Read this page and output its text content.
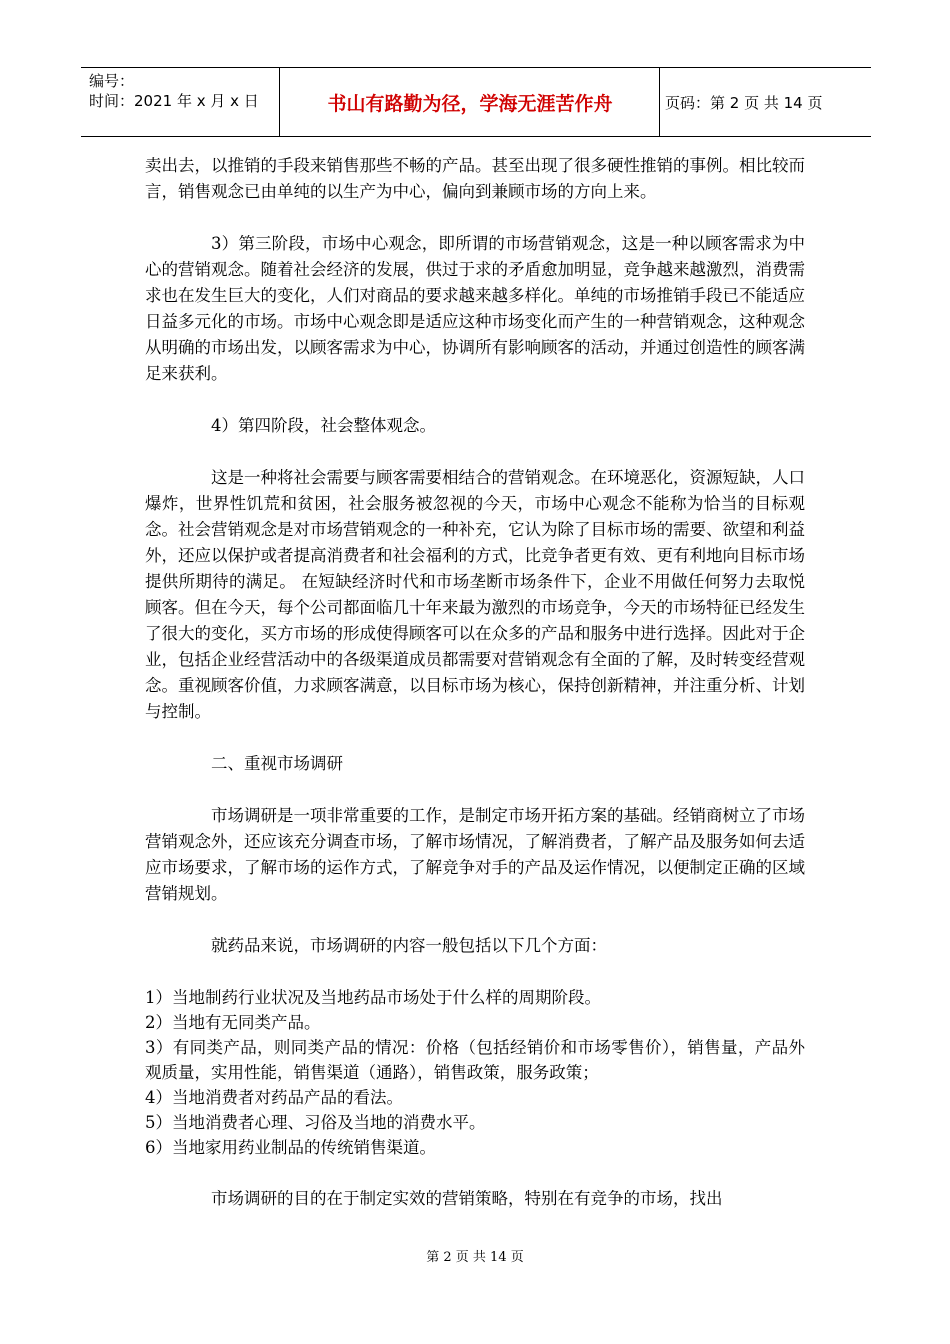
编号：
时间：2021 年 x 月 x 日	书山有路勤为径，学海无涯苦作舟	页码：第 2 页 共 14 页

卖出去，以推销的手段来销售那些不畅的产品。甚至出现了很多硬性推销的事例。相比较而言，销售观念已由单纯的以生产为中心，偏向到兼顾市场的方向上来。

3）第三阶段，市场中心观念，即所谓的市场营销观念，这是一种以顾客需求为中心的营销观念。随着社会经济的发展，供过于求的矛盾愈加明显，竞争越来越激烈，消费需求也在发生巨大的变化，人们对商品的要求越来越多样化。单纯的市场推销手段已不能适应日益多元化的市场。市场中心观念即是适应这种市场变化而产生的一种营销观念，这种观念从明确的市场出发，以顾客需求为中心，协调所有影响顾客的活动，并通过创造性的顾客满足来获利。

4）第四阶段，社会整体观念。

这是一种将社会需要与顾客需要相结合的营销观念。在环境恶化，资源短缺，人口爆炸，世界性饥荒和贫困，社会服务被忽视的今天，市场中心观念不能称为恰当的目标观念。社会营销观念是对市场营销观念的一种补充，它认为除了目标市场的需要、欲望和利益外，还应以保护或者提高消费者和社会福利的方式，比竞争者更有效、更有利地向目标市场提供所期待的满足。 在短缺经济时代和市场垄断市场条件下，企业不用做任何努力去取悦顾客。但在今天，每个公司都面临几十年来最为激烈的市场竞争，今天的市场特征已经发生了很大的变化，买方市场的形成使得顾客可以在众多的产品和服务中进行选择。因此对于企业，包括企业经营活动中的各级渠道成员都需要对营销观念有全面的了解，及时转变经营观念。重视顾客价值，力求顾客满意，以目标市场为核心，保持创新精神，并注重分析、计划与控制。

二、重视市场调研

市场调研是一项非常重要的工作，是制定市场开拓方案的基础。经销商树立了市场营销观念外，还应该充分调查市场，了解市场情况，了解消费者，了解产品及服务如何去适应市场要求，了解市场的运作方式，了解竞争对手的产品及运作情况，以便制定正确的区域营销规划。

就药品来说，市场调研的内容一般包括以下几个方面：

1）当地制药行业状况及当地药品市场处于什么样的周期阶段。

2）当地有无同类产品。

3）有同类产品，则同类产品的情况：价格（包括经销价和市场零售价），销售量，产品外观质量，实用性能，销售渠道（通路），销售政策，服务政策；

4）当地消费者对药品产品的看法。

5）当地消费者心理、习俗及当地的消费水平。

6）当地家用药业制品的传统销售渠道。

市场调研的目的在于制定实效的营销策略，特别在有竞争的市场，找出

第 2 页 共 14 页
